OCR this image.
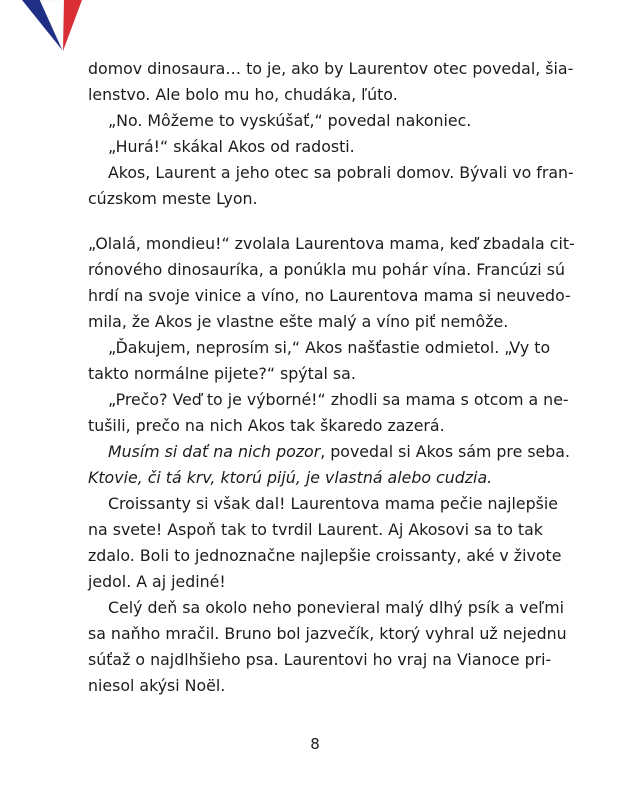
domov dinosaura… to je, ako by Laurentov otec povedal, šia-
lenstvo. Ale bolo mu ho, chudáka, ľúto.
„No. Môžeme to vyskúšať,“ povedal nakoniec.
„Hurá!“ skákal Akos od radosti.
Akos, Laurent a jeho otec sa pobrali domov. Bývali vo fran-
cúzskom meste Lyon.
„Olalá, mondieu!“ zvolala Laurentova mama, keď zbadala cit-
rónového dinosauríka, a ponúkla mu pohár vína. Francúzi sú
hrdí na svoje vinice a víno, no Laurentova mama si neuvedo-
mila, že Akos je vlastne ešte malý a víno piť nemôže.
„Ďakujem, neprosím si,“ Akos našťastie odmietol. „Vy to
takto normálne pijete?“ spýtal sa.
„Prečo? Veď to je výborné!“ zhodli sa mama s otcom a ne-
tušili, prečo na nich Akos tak škaredo zazerá.
Musím si dať na nich pozor, povedal si Akos sám pre seba.
Ktovie, či tá krv, ktorú pijú, je vlastná alebo cudzia.
Croissanty si však dal! Laurentova mama pečie najlepšie
na svete! Aspoň tak to tvrdil Laurent. Aj Akosovi sa to tak
zdalo. Boli to jednoznačne najlepšie croissanty, aké v živote
jedol. A aj jediné!
Celý deň sa okolo neho ponevieral malý dlhý psík a veľmi
sa naňho mračil. Bruno bol jazvečík, ktorý vyhral už nejednu
súťaž o najdlhšieho psa. Laurentovi ho vraj na Vianoce pri-
niesol akýsi Noël.
8
